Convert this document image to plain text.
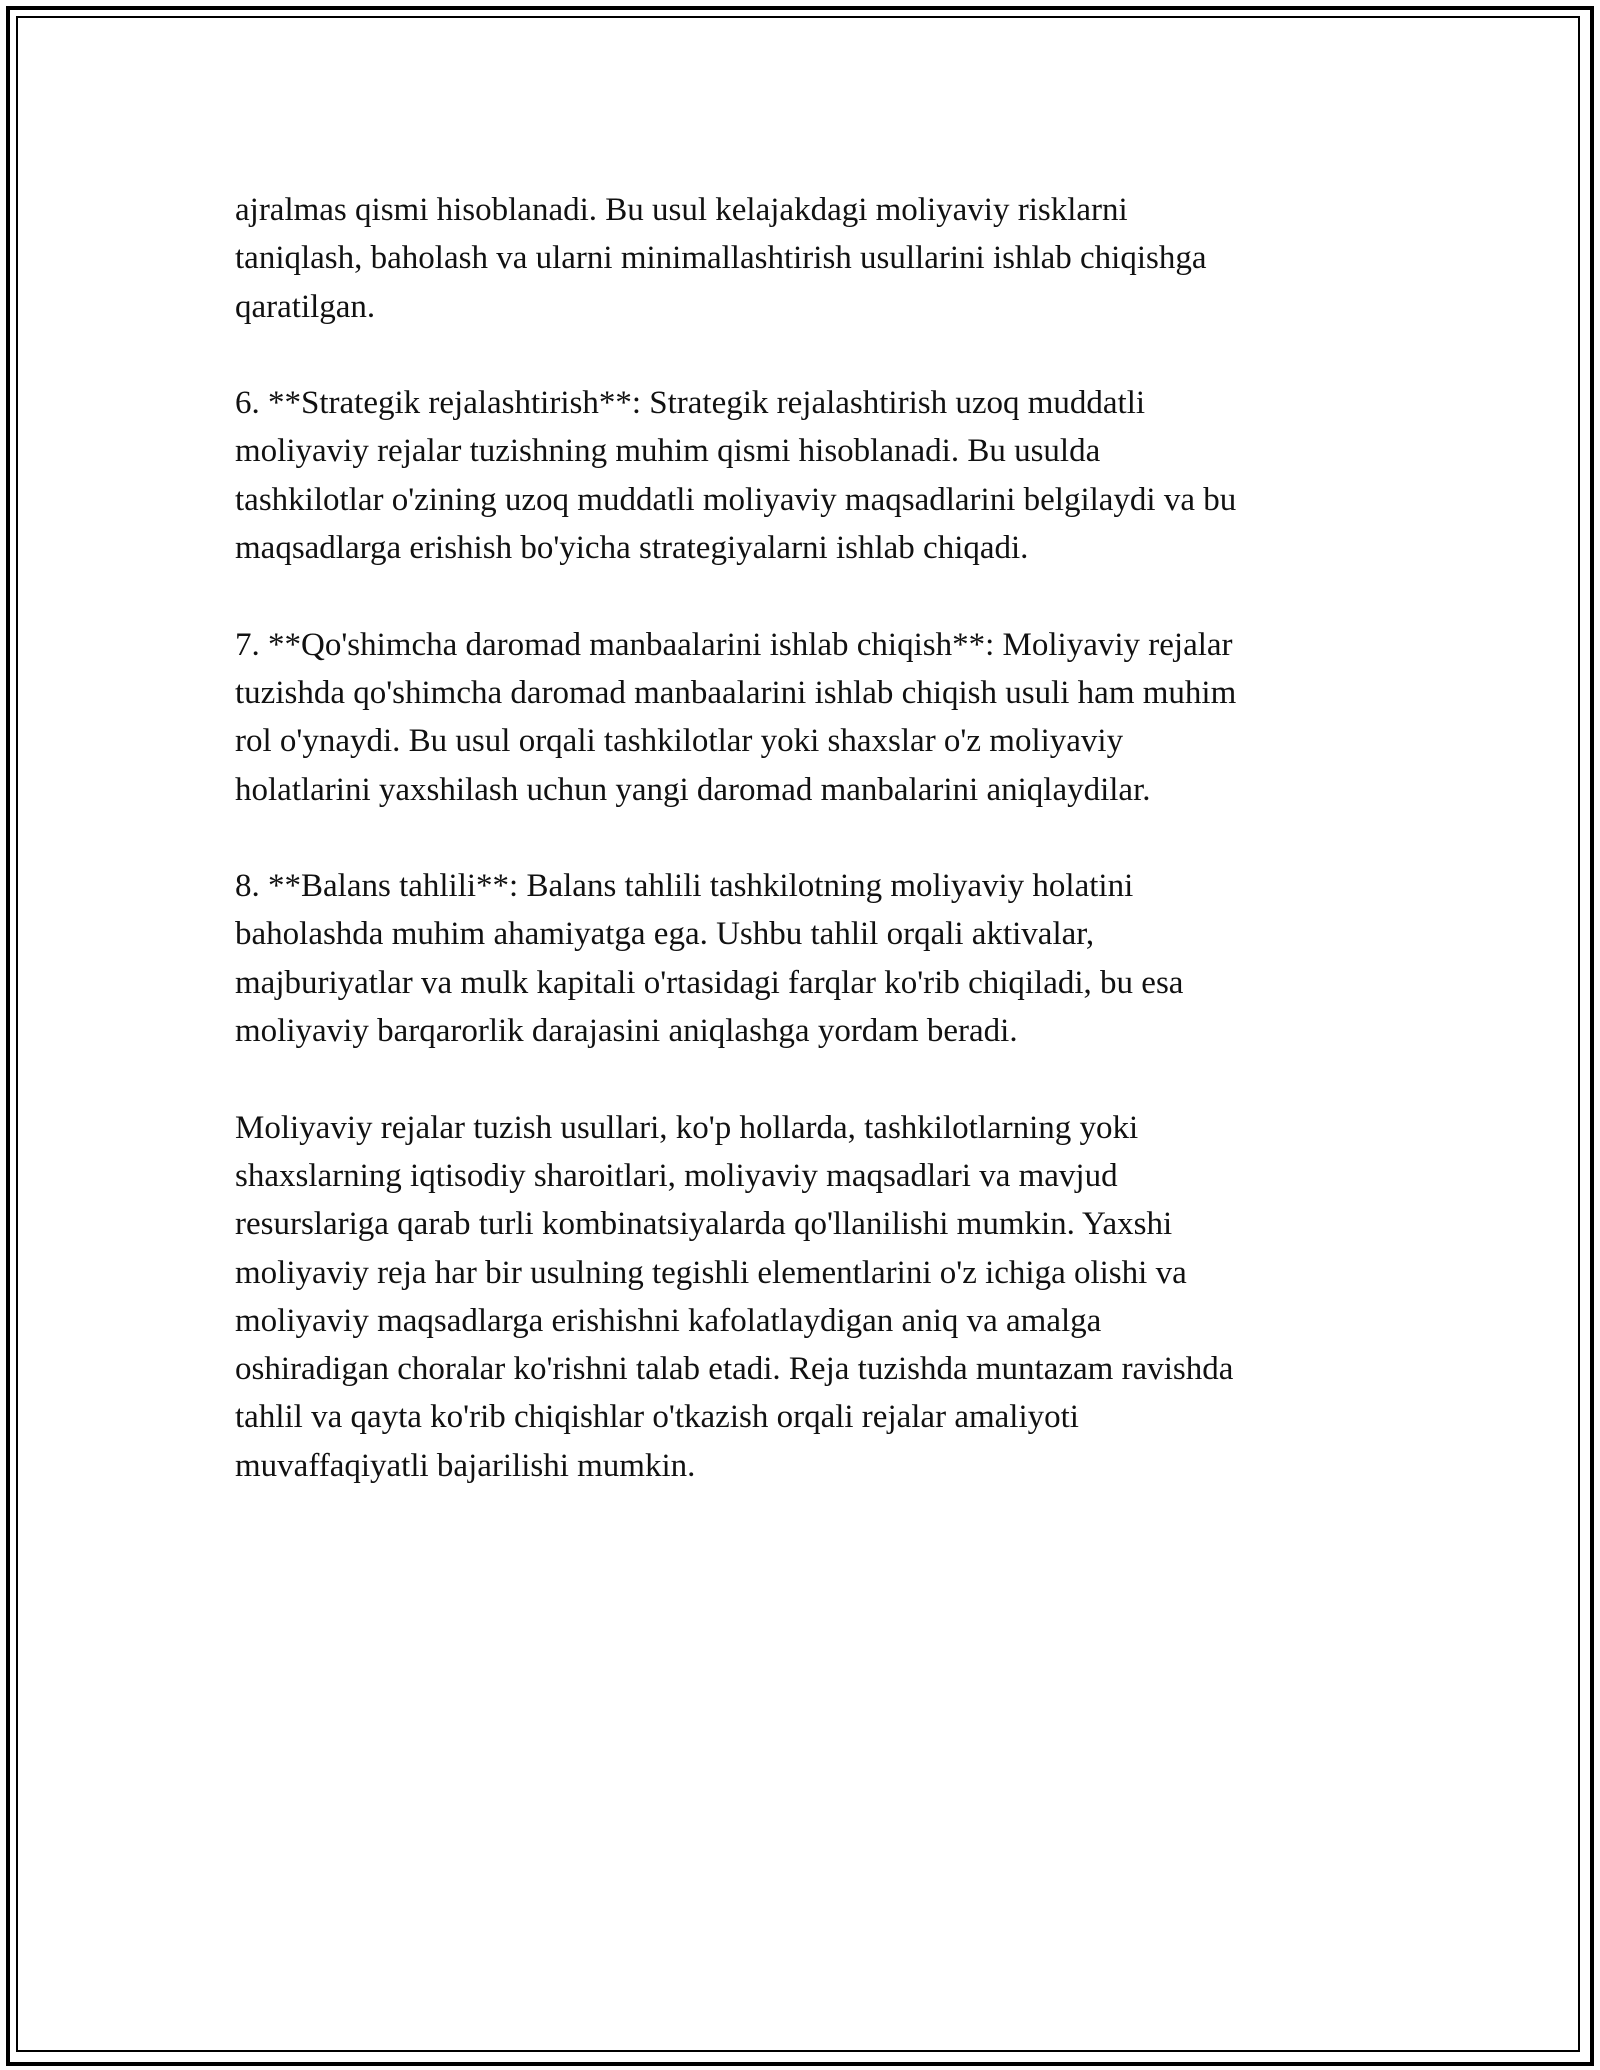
ajralmas qismi hisoblanadi. Bu usul kelajakdagi moliyaviy risklarni
taniqlash, baholash va ularni minimallashtirish usullarini ishlab chiqishga
qaratilgan.

6. **Strategik rejalashtirish**: Strategik rejalashtirish uzoq muddatli
moliyaviy rejalar tuzishning muhim qismi hisoblanadi. Bu usulda
tashkilotlar o'zining uzoq muddatli moliyaviy maqsadlarini belgilaydi va bu
maqsadlarga erishish bo'yicha strategiyalarni ishlab chiqadi.

7. **Qo'shimcha daromad manbaalarini ishlab chiqish**: Moliyaviy rejalar
tuzishda qo'shimcha daromad manbaalarini ishlab chiqish usuli ham muhim
rol o'ynaydi. Bu usul orqali tashkilotlar yoki shaxslar o'z moliyaviy
holatlarini yaxshilash uchun yangi daromad manbalarini aniqlaydilar.

8. **Balans tahlili**: Balans tahlili tashkilotning moliyaviy holatini
baholashda muhim ahamiyatga ega. Ushbu tahlil orqali aktivalar,
majburiyatlar va mulk kapitali o'rtasidagi farqlar ko'rib chiqiladi, bu esa
moliyaviy barqarorlik darajasini aniqlashga yordam beradi.

Moliyaviy rejalar tuzish usullari, ko'p hollarda, tashkilotlarning yoki
shaxslarning iqtisodiy sharoitlari, moliyaviy maqsadlari va mavjud
resurslariga qarab turli kombinatsiyalarda qo'llanilishi mumkin. Yaxshi
moliyaviy reja har bir usulning tegishli elementlarini o'z ichiga olishi va
moliyaviy maqsadlarga erishishni kafolatlaydigan aniq va amalga
oshiradigan choralar ko'rishni talab etadi. Reja tuzishda muntazam ravishda
tahlil va qayta ko'rib chiqishlar o'tkazish orqali rejalar amaliyoti
muvaffaqiyatli bajarilishi mumkin.
